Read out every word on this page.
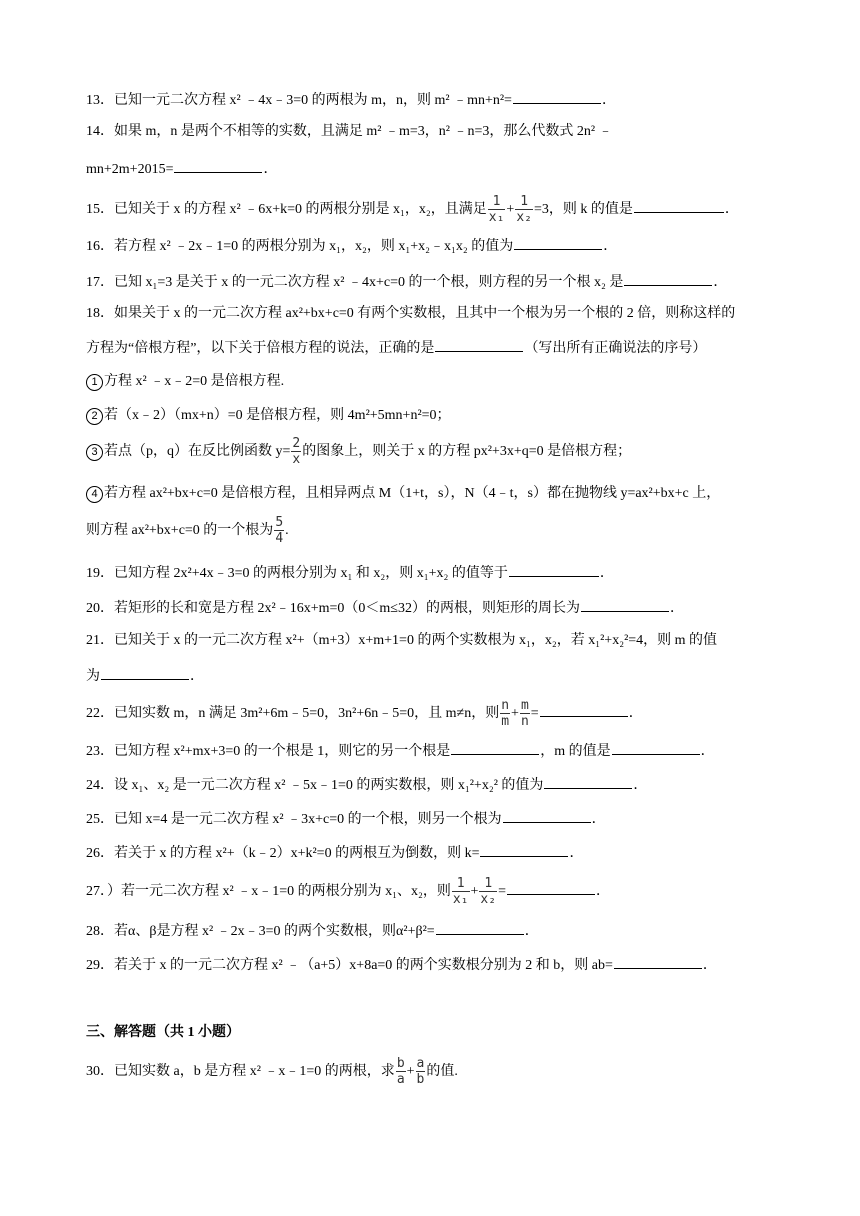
13．已知一元二次方程 x² ﹣4x﹣3=0 的两根为 m，n，则 m² ﹣mn+n²=	．
14．如果 m，n 是两个不相等的实数，且满足 m² ﹣m=3，n² ﹣n=3，那么代数式 2n² ﹣
mn+2m+2015=	．
15．已知关于 x 的方程 x² ﹣6x+k=0 的两根分别是 x₁，x₂，且满足 $\frac{1}{\text{x₁}} + \frac{1}{\text{x₂}} =3$，则 k 的值是	．
16．若方程 x² ﹣2x﹣1=0 的两根分别为 x₁，x₂，则 x₁+x₂﹣x₁x₂ 的值为	．
17．已知 x₁=3 是关于 x 的一元二次方程 x² ﹣4x+c=0 的一个根，则方程的另一个根 x₂ 是	．
18．如果关于 x 的一元二次方程 ax²+bx+c=0 有两个实数根，且其中一个根为另一个根的 2 倍，则称这样的
方程为“倍根方程”，以下关于倍根方程的说法，正确的是	（写出所有正确说法的序号）
1 方程 x² ﹣x﹣2=0 是倍根方程.
2 若（x﹣2）（mx+n）=0 是倍根方程，则 4m²+5mn+n²=0；
3 若点（p，q）在反比例函数 $y= \frac{2}{x}$ 的图象上，则关于 x 的方程 px²+3x+q=0 是倍根方程；
4 若方程 ax²+bx+c=0 是倍根方程，且相异两点 M（1+t，s），N（4﹣t，s）都在抛物线 y=ax²+bx+c 上，
则方程 ax²+bx+c=0 的一个根为 $\frac{5}{4}$ .
19．已知方程 2x²+4x﹣3=0 的两根分别为 x₁ 和 x₂，则 x₁+x₂ 的值等于	．
20．若矩形的长和宽是方程 2x²﹣16x+m=0（0＜m≤32）的两根，则矩形的周长为	．
21．已知关于 x 的一元二次方程 x²+（m+3）x+m+1=0 的两个实数根为 x₁，x₂，若 x₁²+x₂²=4，则 m 的值
为	．
22．已知实数 m，n 满足 3m²+6m﹣5=0，3n²+6n﹣5=0，且 m≠n，则 $\frac{n}{m} + \frac{m}{n}$ =	．
23．已知方程 x²+mx+3=0 的一个根是 1，则它的另一个根是	，m 的值是	．
24．设 x₁、x₂ 是一元二次方程 x² ﹣5x﹣1=0 的两实数根，则 x₁²+x₂² 的值为	．
25．已知 x=4 是一元二次方程 x² ﹣3x+c=0 的一个根，则另一个根为	．
26．若关于 x 的方程 x²+（k﹣2）x+k²=0 的两根互为倒数，则 k=	．
27．）若一元二次方程 x² ﹣x﹣1=0 的两根分别为 x₁、x₂，则 $\frac{1}{\text{x₁}} + \frac{1}{\text{x₂}}$ =	．
28．若α、β是方程 x² ﹣2x﹣3=0 的两个实数根，则α²+β²=	．
29．若关于 x 的一元二次方程 x² ﹣（a+5）x+8a=0 的两个实数根分别为 2 和 b，则 ab=	．
三、解答题（共 1 小题）
30．已知实数 a，b 是方程 x² ﹣x﹣1=0 的两根，求 $\frac{b}{a} + \frac{a}{b}$ 的值.
